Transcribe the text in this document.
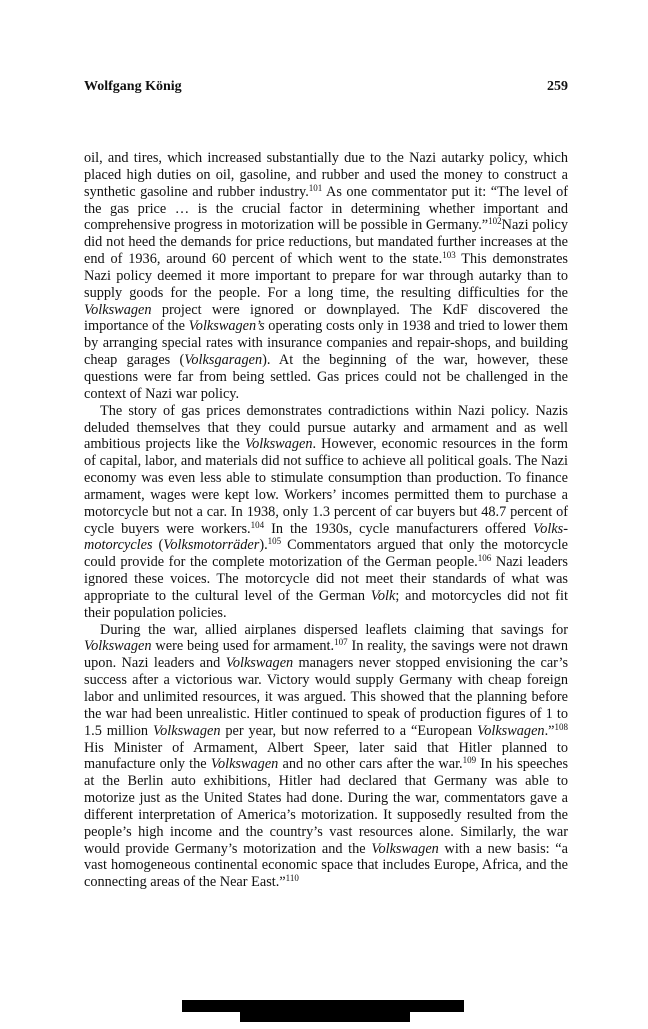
Wolfgang König	259

oil, and tires, which increased substantially due to the Nazi autarky policy, which placed high duties on oil, gasoline, and rubber and used the money to construct a synthetic gasoline and rubber industry.$^{101}$ As one commentator put it: “The level of the gas price … is the crucial factor in determining whether important and comprehensive progress in motorization will be possible in Germany.”$^{102}$Nazi policy did not heed the demands for price reductions, but mandated further increases at the end of 1936, around 60 percent of which went to the state.$^{103}$ This demonstrates Nazi policy deemed it more important to prepare for war through autarky than to supply goods for the people. For a long time, the resulting difficulties for the Volkswagen project were ignored or downplayed. The KdF discovered the importance of the Volkswagen’s operating costs only in 1938 and tried to lower them by arranging special rates with insurance companies and repair-shops, and building cheap garages (Volksgaragen). At the beginning of the war, however, these questions were far from being settled. Gas prices could not be challenged in the context of Nazi war policy.

The story of gas prices demonstrates contradictions within Nazi policy. Nazis deluded themselves that they could pursue autarky and armament and as well ambitious projects like the Volkswagen. However, economic resources in the form of capital, labor, and materials did not suffice to achieve all political goals. The Nazi economy was even less able to stimulate consumption than production. To finance armament, wages were kept low. Workers’ incomes permitted them to purchase a motorcycle but not a car. In 1938, only 1.3 percent of car buyers but 48.7 percent of cycle buyers were workers.$^{104}$ In the 1930s, cycle manufacturers offered Volks-motorcycles (Volksmotorräder).$^{105}$ Commentators argued that only the motorcycle could provide for the complete motorization of the German people.$^{106}$ Nazi leaders ignored these voices. The motorcycle did not meet their standards of what was appropriate to the cultural level of the German Volk; and motorcycles did not fit their population policies.

During the war, allied airplanes dispersed leaflets claiming that savings for Volkswagen were being used for armament.$^{107}$ In reality, the savings were not drawn upon. Nazi leaders and Volkswagen managers never stopped envisioning the car’s success after a victorious war. Victory would supply Germany with cheap foreign labor and unlimited resources, it was argued. This showed that the planning before the war had been unrealistic. Hitler continued to speak of production figures of 1 to 1.5 million Volkswagen per year, but now referred to a “European Volkswagen.”$^{108}$ His Minister of Armament, Albert Speer, later said that Hitler planned to manufacture only the Volkswagen and no other cars after the war.$^{109}$ In his speeches at the Berlin auto exhibitions, Hitler had declared that Germany was able to motorize just as the United States had done. During the war, commentators gave a different interpretation of America’s motorization. It supposedly resulted from the people’s high income and the country’s vast resources alone. Similarly, the war would provide Germany’s motorization and the Volkswagen with a new basis: “a vast homogeneous continental economic space that includes Europe, Africa, and the connecting areas of the Near East.”$^{110}$
